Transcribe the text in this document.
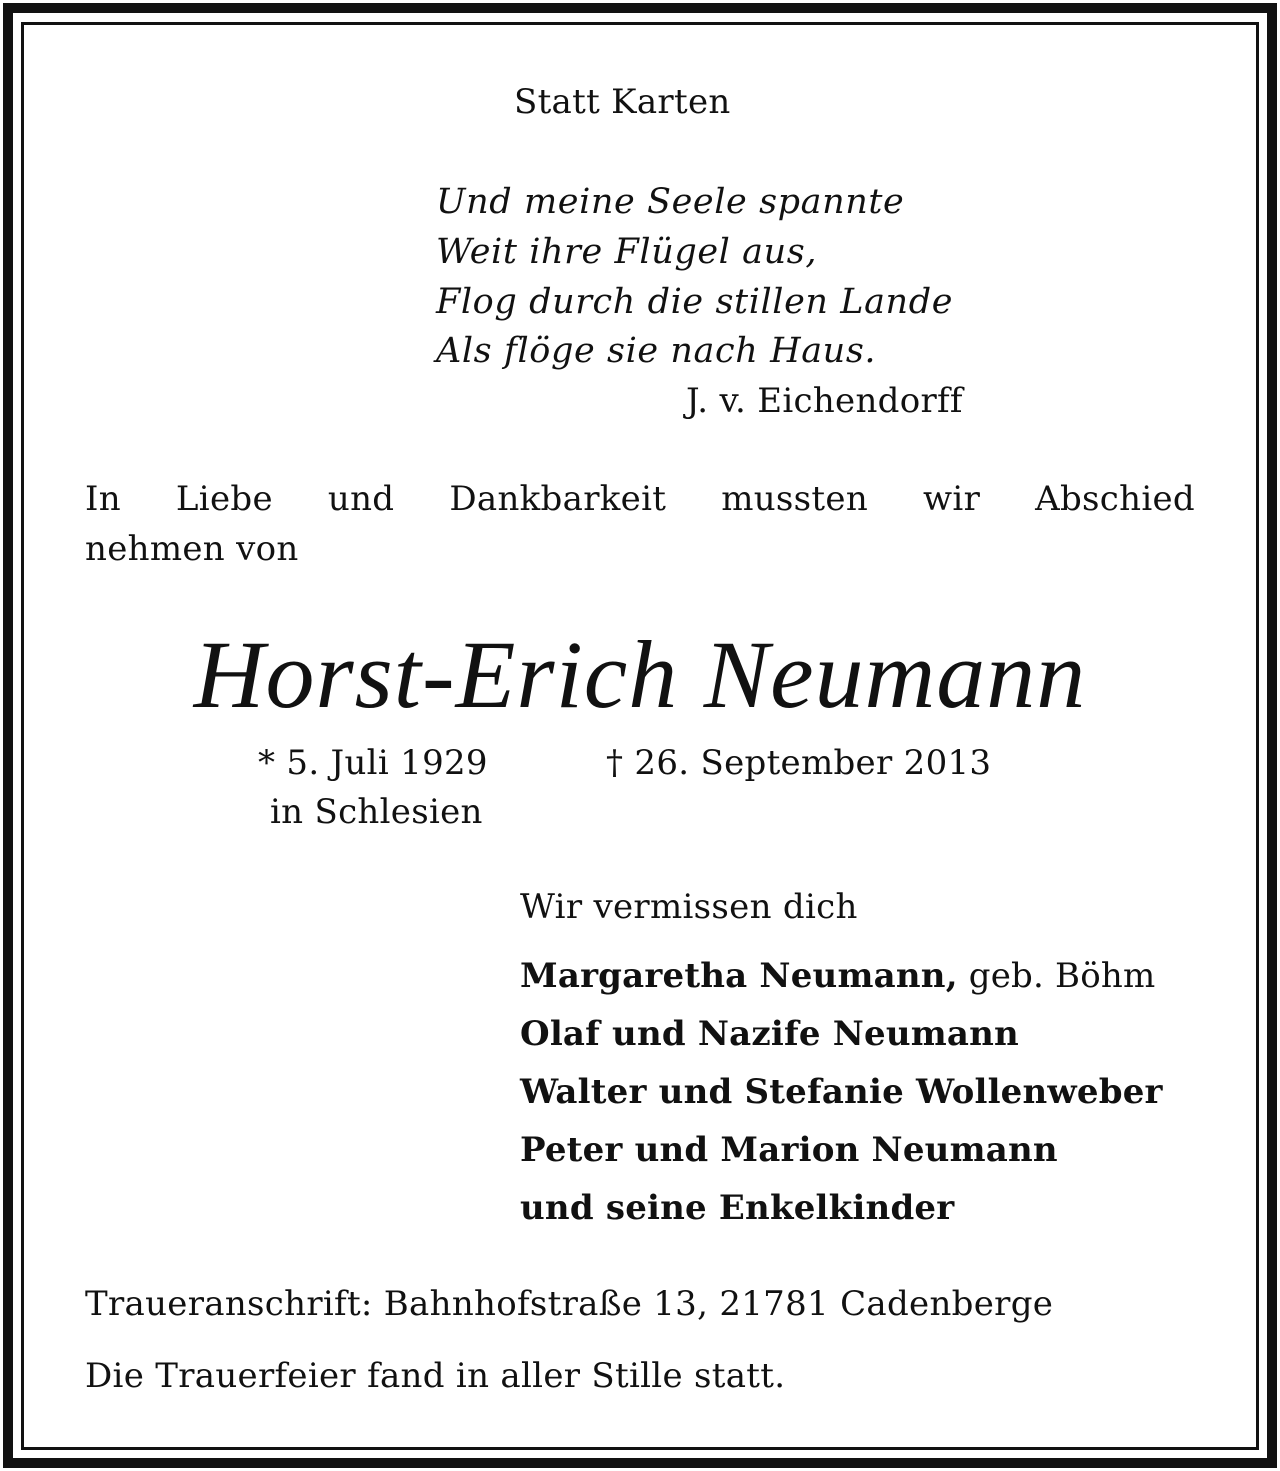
Statt Karten
Und meine Seele spannte
Weit ihre Flügel aus,
Flog durch die stillen Lande
Als flöge sie nach Haus.
J. v. Eichendorff
In Liebe und Dankbarkeit mussten wir Abschied
nehmen von
Horst-Erich Neumann
* 5. Juli 1929
in Schlesien
† 26. September 2013
Wir vermissen dich
Margaretha Neumann, geb. Böhm
Olaf und Nazife Neumann
Walter und Stefanie Wollenweber
Peter und Marion Neumann
und seine Enkelkinder
Traueranschrift: Bahnhofstraße 13, 21781 Cadenberge
Die Trauerfeier fand in aller Stille statt.
